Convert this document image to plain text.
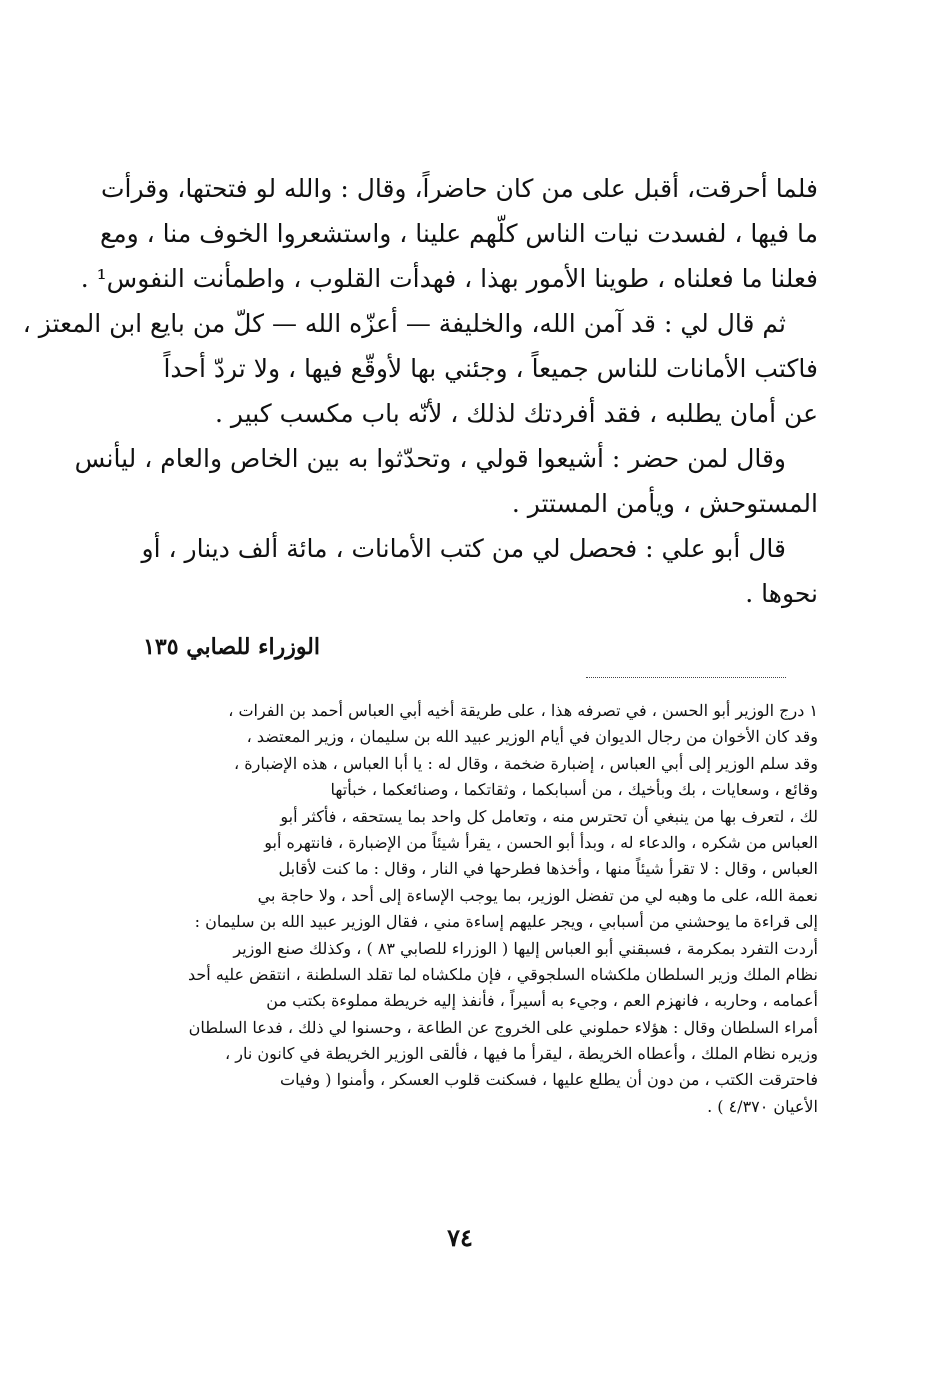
فلما أحرقت، أقبل على من كان حاضراً، وقال : والله لو فتحتها، وقرأت
ما فيها ، لفسدت نيات الناس كلّهم علينا ، واستشعروا الخوف منا ، ومع
فعلنا ما فعلناه ، طوينا الأمور بهذا ، فهدأت القلوب ، واطمأنت النفوس¹ .
ثم قال لي : قد آمن الله، والخليفة — أعزّه الله — كلّ من بايع ابن المعتز ،
فاكتب الأمانات للناس جميعاً ، وجئني بها لأوقّع فيها ، ولا تردّ أحداً
عن أمان يطلبه ، فقد أفردتك لذلك ، لأنّه باب مكسب كبير .
وقال لمن حضر : أشيعوا قولي ، وتحدّثوا به بين الخاص والعام ، ليأنس
المستوحش ، ويأمن المستتر .
قال أبو علي : فحصل لي من كتب الأمانات ، مائة ألف دينار ، أو
نحوها .
الوزراء للصابي ١٣٥
١ درج الوزير أبو الحسن ، في تصرفه هذا ، على طريقة أخيه أبي العباس أحمد بن الفرات ،
وقد كان الأخوان من رجال الديوان في أيام الوزير عبيد الله بن سليمان ، وزير المعتضد ،
وقد سلم الوزير إلى أبي العباس ، إضبارة ضخمة ، وقال له : يا أبا العباس ، هذه الإضبارة ،
وقائع ، وسعايات ، بك وبأخيك ، من أسبابكما ، وثقاتكما ، وصنائعكما ، خبأتها
لك ، لتعرف بها من ينبغي أن تحترس منه ، وتعامل كل واحد بما يستحقه ، فأكثر أبو
العباس من شكره ، والدعاء له ، وبدأ أبو الحسن ، يقرأ شيئاً من الإضبارة ، فانتهره أبو
العباس ، وقال : لا تقرأ شيئاً منها ، وأخذها فطرحها في النار ، وقال : ما كنت لأقابل
نعمة الله، على ما وهبه لي من تفضل الوزير، بما يوجب الإساءة إلى أحد ، ولا حاجة بي
إلى قراءة ما يوحشني من أسبابي ، ويجر عليهم إساءة مني ، فقال الوزير عبيد الله بن سليمان :
أردت التفرد بمكرمة ، فسبقني أبو العباس إليها ( الوزراء للصابي ٨٣ ) ، وكذلك صنع الوزير
نظام الملك وزير السلطان ملكشاه السلجوقي ، فإن ملكشاه لما تقلد السلطنة ، انتقض عليه أحد
أعمامه ، وحاربه ، فانهزم العم ، وجيء به أسيراً ، فأنفذ إليه خريطة مملوءة بكتب من
أمراء السلطان وقال : هؤلاء حملوني على الخروج عن الطاعة ، وحسنوا لي ذلك ، فدعا السلطان
وزيره نظام الملك ، وأعطاه الخريطة ، ليقرأ ما فيها ، فألقى الوزير الخريطة في كانون نار ،
فاحترقت الكتب ، من دون أن يطلع عليها ، فسكنت قلوب العسكر ، وأمنوا ( وفيات
الأعيان ٤/٣٧٠ ) .
٧٤
